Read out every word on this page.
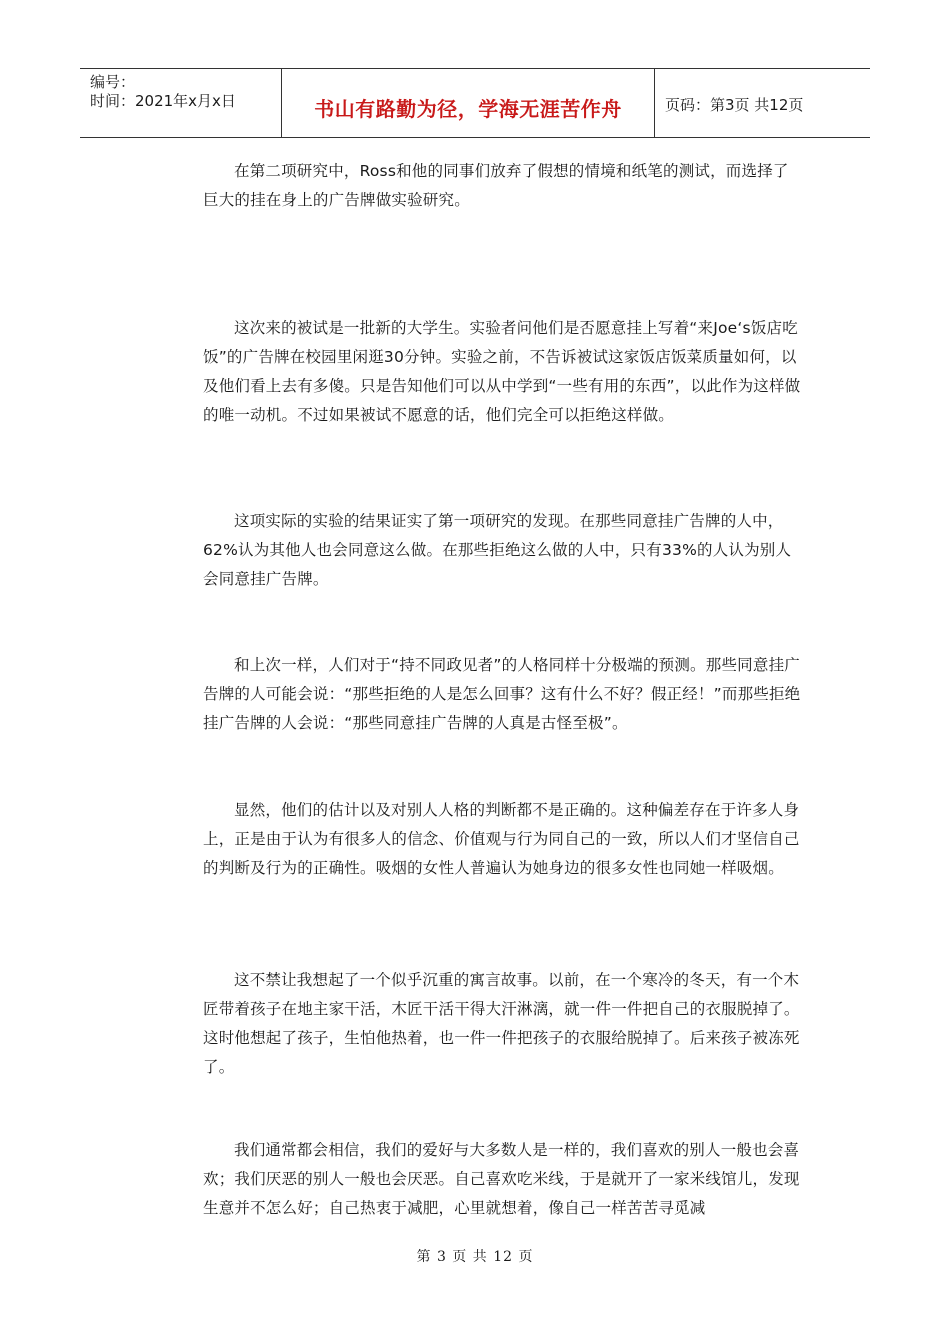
编号：
时间：2021年x月x日	书山有路勤为径，学海无涯苦作舟	页码：第3页 共12页

在第二项研究中，Ross和他的同事们放弃了假想的情境和纸笔的测试，而选择了巨大的挂在身上的广告牌做实验研究。

这次来的被试是一批新的大学生。实验者问他们是否愿意挂上写着“来Joe‘s饭店吃饭”的广告牌在校园里闲逛30分钟。实验之前，不告诉被试这家饭店饭菜质量如何，以及他们看上去有多傻。只是告知他们可以从中学到“一些有用的东西”，以此作为这样做的唯一动机。不过如果被试不愿意的话，他们完全可以拒绝这样做。

这项实际的实验的结果证实了第一项研究的发现。在那些同意挂广告牌的人中，62%认为其他人也会同意这么做。在那些拒绝这么做的人中，只有33%的人认为别人会同意挂广告牌。

和上次一样，人们对于“持不同政见者”的人格同样十分极端的预测。那些同意挂广告牌的人可能会说：“那些拒绝的人是怎么回事？这有什么不好？假正经！”而那些拒绝挂广告牌的人会说：“那些同意挂广告牌的人真是古怪至极”。

显然，他们的估计以及对别人人格的判断都不是正确的。这种偏差存在于许多人身上，正是由于认为有很多人的信念、价值观与行为同自己的一致，所以人们才坚信自己的判断及行为的正确性。吸烟的女性人普遍认为她身边的很多女性也同她一样吸烟。

这不禁让我想起了一个似乎沉重的寓言故事。以前，在一个寒冷的冬天，有一个木匠带着孩子在地主家干活，木匠干活干得大汗淋漓，就一件一件把自己的衣服脱掉了。这时他想起了孩子，生怕他热着，也一件一件把孩子的衣服给脱掉了。后来孩子被冻死了。

我们通常都会相信，我们的爱好与大多数人是一样的，我们喜欢的别人一般也会喜欢；我们厌恶的别人一般也会厌恶。自己喜欢吃米线，于是就开了一家米线馆儿，发现生意并不怎么好；自己热衷于减肥，心里就想着，像自己一样苦苦寻觅减

第 3 页 共 12 页
